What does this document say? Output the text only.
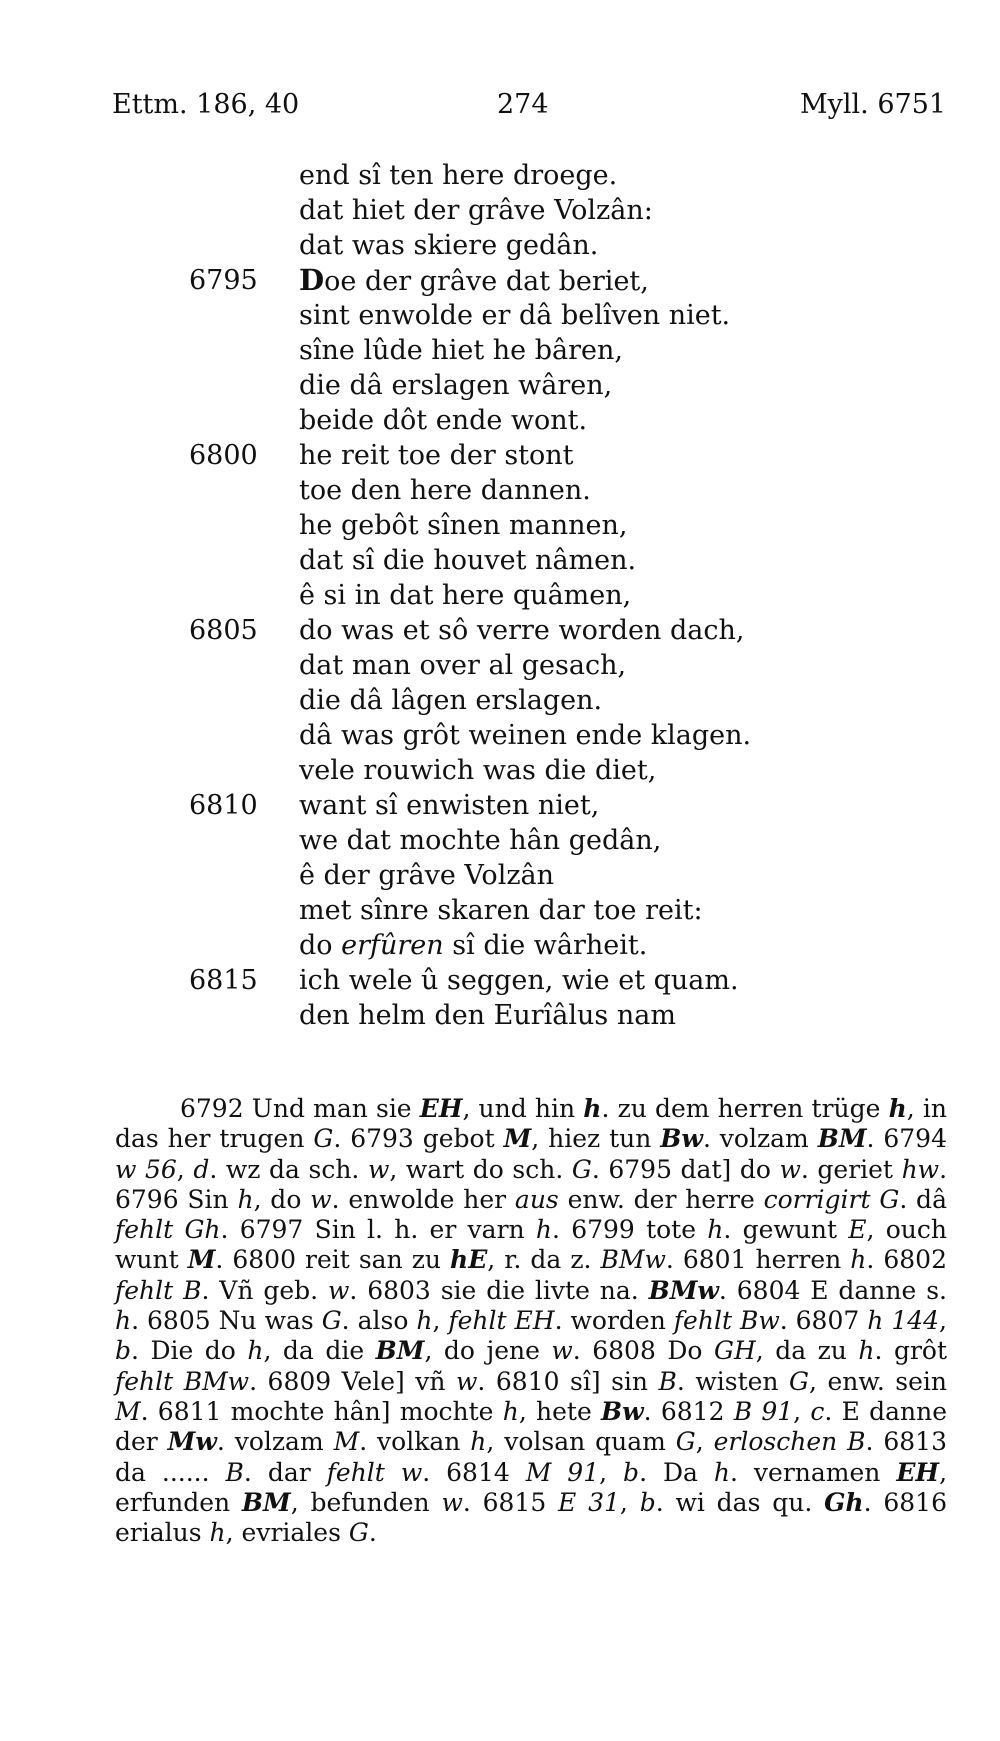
Ettm. 186, 40	274	Myll. 6751
end sî ten here droege.
dat hiet der grâve Volzân:
dat was skiere gedân.
6795 Doe der grâve dat beriet,
sint enwolde er dâ belîven niet.
sîne lûde hiet he bâren,
die dâ erslagen wâren,
beide dôt ende wont.
6800 he reit toe der stont
toe den here dannen.
he gebôt sînen mannen,
dat sî die houvet nâmen.
ê si in dat here quâmen,
6805 do was et sô verre worden dach,
dat man over al gesach,
die dâ lâgen erslagen.
dâ was grôt weinen ende klagen.
vele rouwich was die diet,
6810 want sî enwisten niet,
we dat mochte hân gedân,
ê der grâve Volzân
met sînre skaren dar toe reit:
do erfûren sî die wârheit.
6815 ich wele û seggen, wie et quam.
den helm den Eurîâlus nam

6792 Und man sie EH, und hin h. zu dem herren trüge h, in das her trugen G. 6793 gebot M, hiez tun Bw. volzam BM. 6794 w 56, d. wz da sch. w, wart do sch. G. 6795 dat] do w. geriet hw. 6796 Sin h, do w. enwolde her aus enw. der herre corrigirt G. dâ fehlt Gh. 6797 Sin l. h. er varn h. 6799 tote h. gewunt E, ouch wunt M. 6800 reit san zu hE, r. da z. BMw. 6801 herren h. 6802 fehlt B. Vñ geb. w. 6803 sie die livte na. BMw. 6804 E danne s. h. 6805 Nu was G. also h, fehlt EH. worden fehlt Bw. 6807 h 144, b. Die do h, da die BM, do jene w. 6808 Do GH, da zu h. grôt fehlt BMw. 6809 Vele] vñ w. 6810 sî] sin B. wisten G, enw. sein M. 6811 mochte hân] mochte h, hete Bw. 6812 B 91, c. E danne der Mw. volzam M. volkan h, volsan quam G, erloschen B. 6813 da ...... B. dar fehlt w. 6814 M 91, b. Da h. vernamen EH, erfunden BM, befunden w. 6815 E 31, b. wi das qu. Gh. 6816 erialus h, evriales G.
